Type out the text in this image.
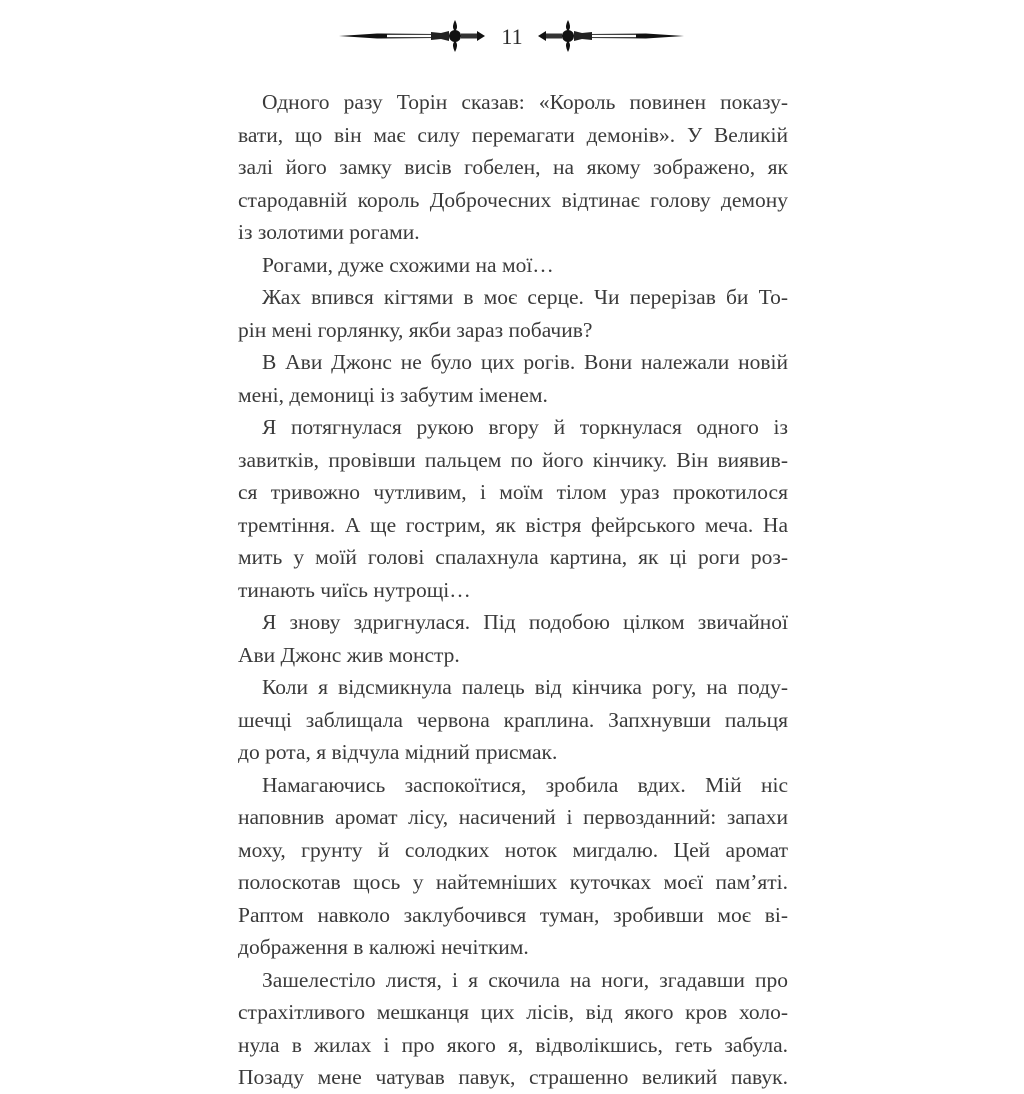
11
Одного разу Торін сказав: «Король повинен показу-
вати, що він має силу перемагати демонів». У Великій
залі його замку висів гобелен, на якому зображено, як
стародавній король Доброчесних відтинає голову демону
із золотими рогами.
Рогами, дуже схожими на мої…
Жах впився кігтями в моє серце. Чи перерізав би То-
рін мені горлянку, якби зараз побачив?
В Ави Джонс не було цих рогів. Вони належали новій
мені, демониці із забутим іменем.
Я потягнулася рукою вгору й торкнулася одного із
завитків, провівши пальцем по його кінчику. Він виявив-
ся тривожно чутливим, і моїм тілом ураз прокотилося
тремтіння. А ще гострим, як вістря фейрського меча. На
мить у моїй голові спалахнула картина, як ці роги роз-
тинають чиїсь нутрощі…
Я знову здригнулася. Під подобою цілком звичайної
Ави Джонс жив монстр.
Коли я відсмикнула палець від кінчика рогу, на поду-
шечці заблищала червона краплина. Запхнувши пальця
до рота, я відчула мідний присмак.
Намагаючись заспокоїтися, зробила вдих. Мій ніс
наповнив аромат лісу, насичений і первозданний: запахи
моху, грунту й солодких ноток мигдалю. Цей аромат
полоскотав щось у найтемніших куточках моєї пам’яті.
Раптом навколо заклубочився туман, зробивши моє ві-
дображення в калюжі нечітким.
Зашелестіло листя, і я скочила на ноги, згадавши про
страхітливого мешканця цих лісів, від якого кров холо-
нула в жилах і про якого я, відволікшись, геть забула.
Позаду мене чатував павук, страшенно великий павук.
